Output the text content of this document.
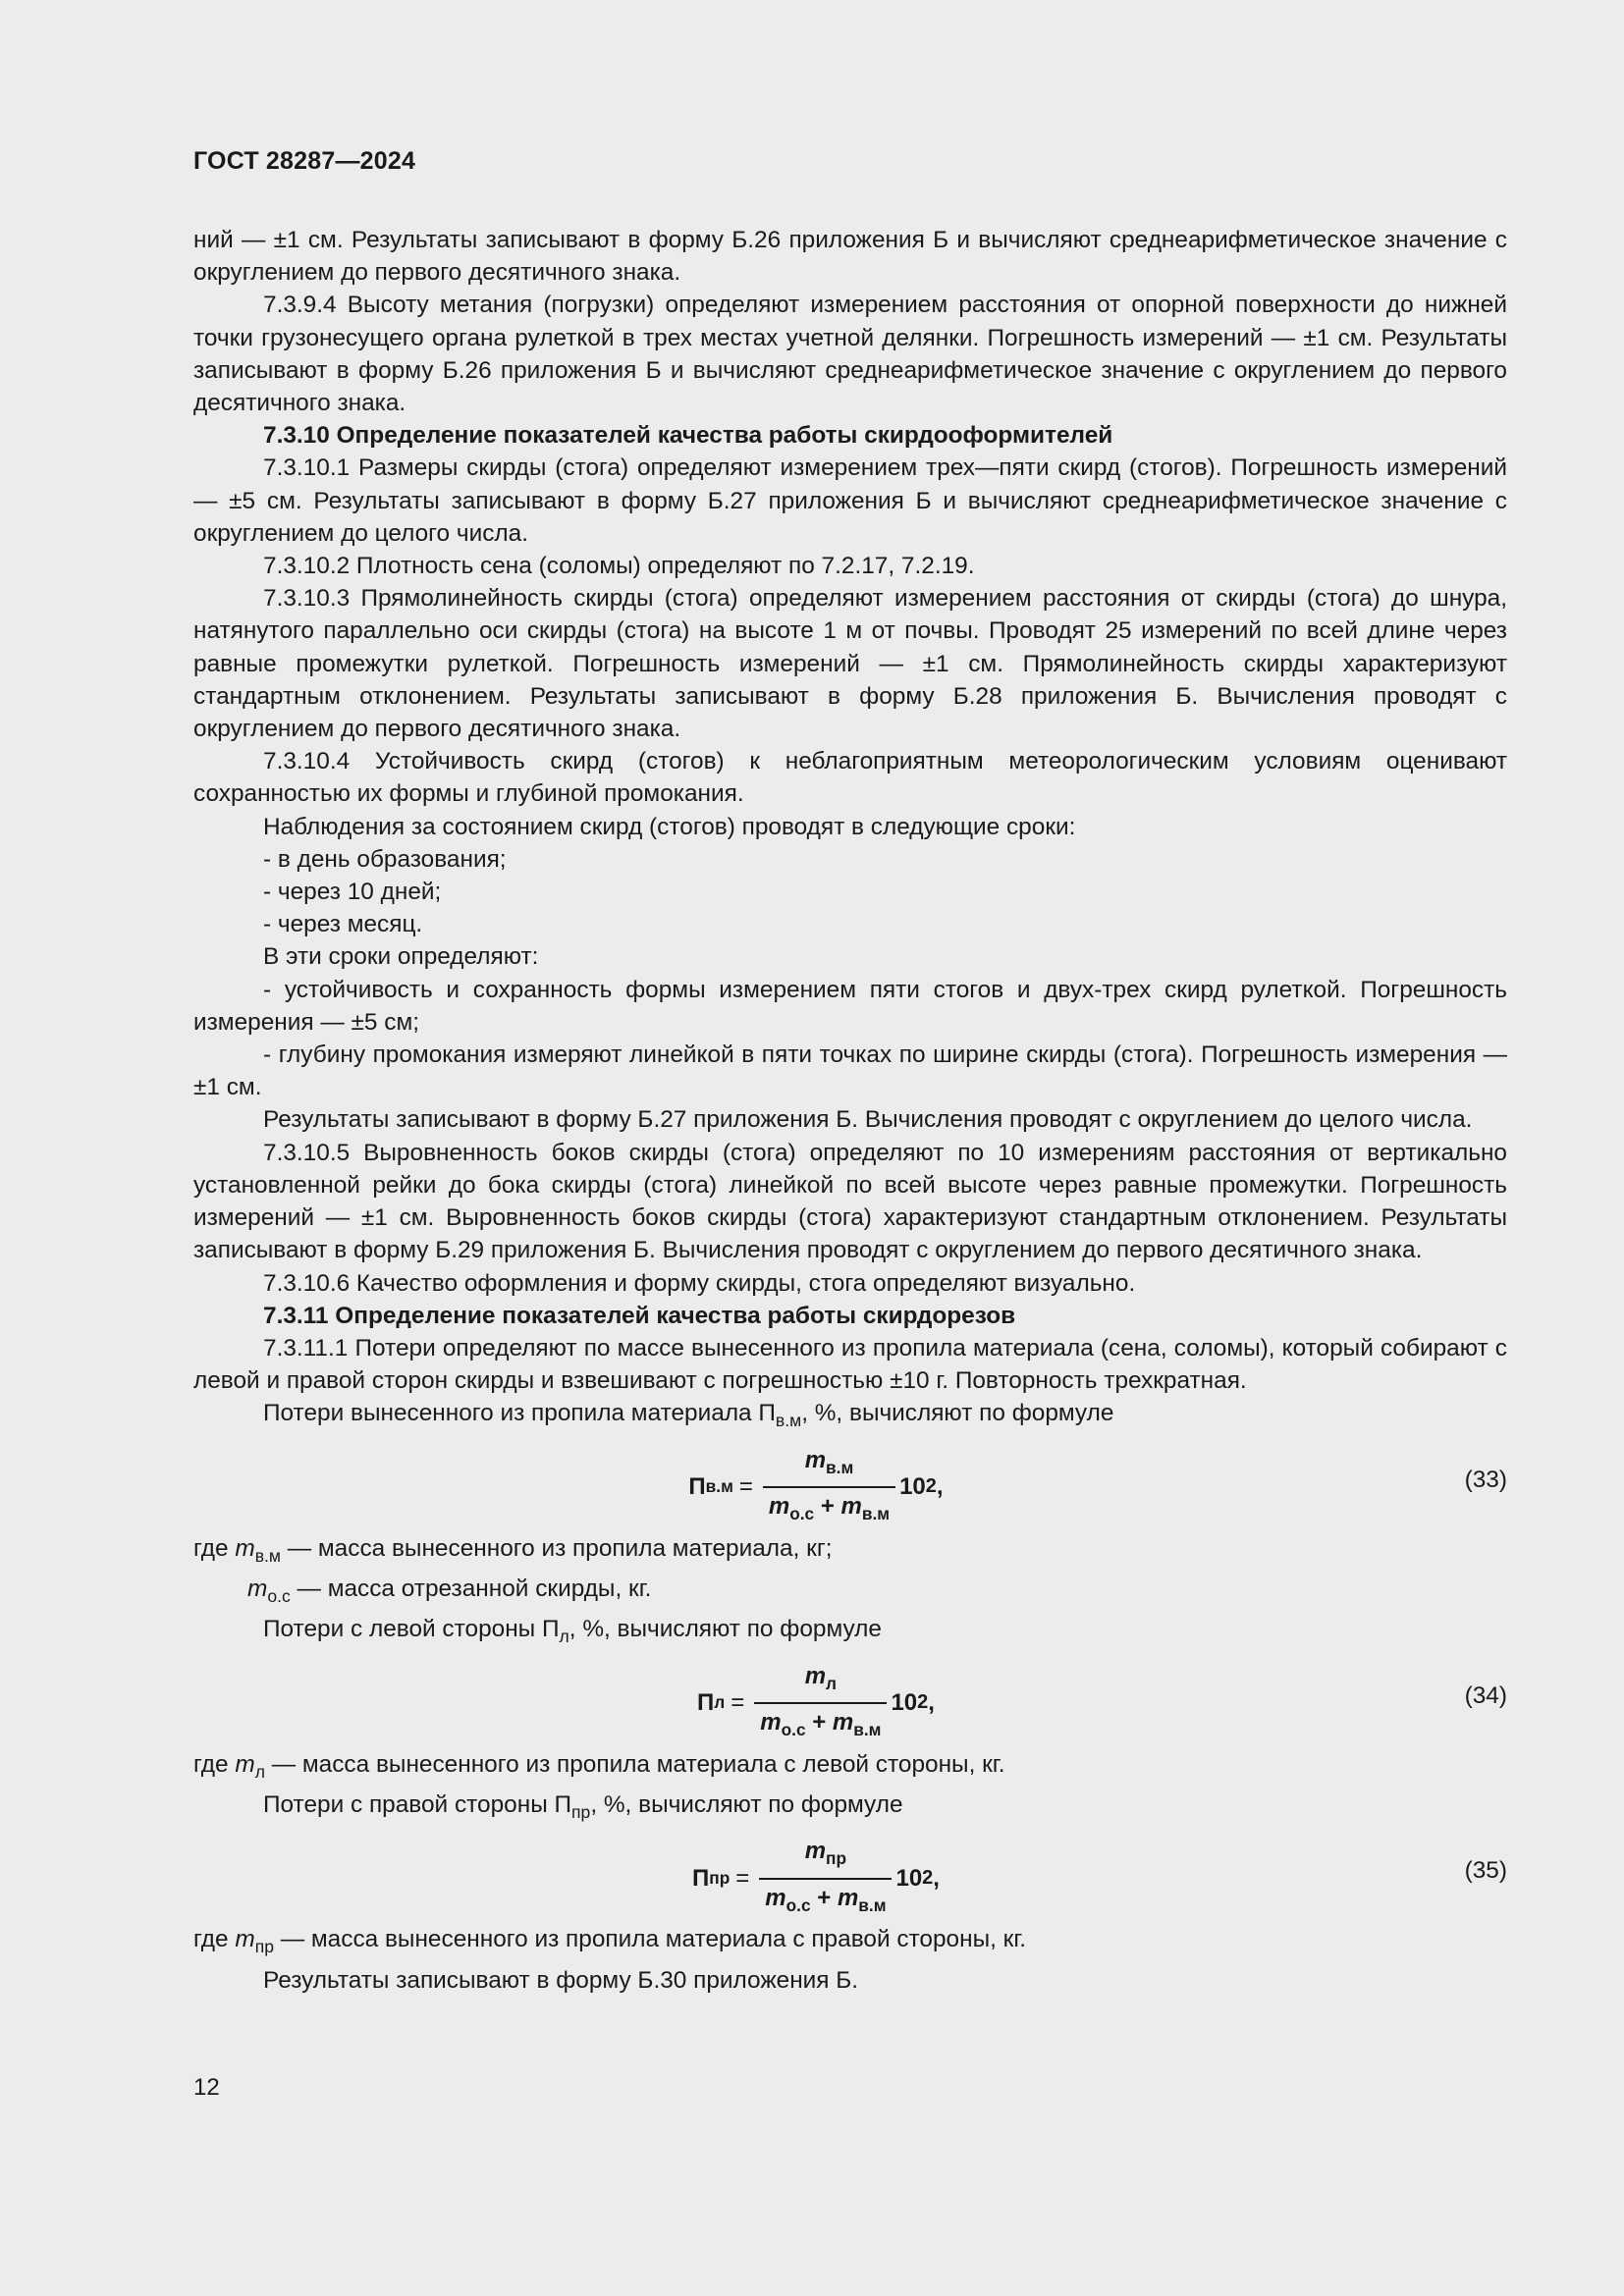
ГОСТ 28287—2024

ний — ±1 см. Результаты записывают в форму Б.26 приложения Б и вычисляют среднеарифметическое значение с округлением до первого десятичного знака.

7.3.9.4 Высоту метания (погрузки) определяют измерением расстояния от опорной поверхности до нижней точки грузонесущего органа рулеткой в трех местах учетной делянки. Погрешность измерений — ±1 см. Результаты записывают в форму Б.26 приложения Б и вычисляют среднеарифметическое значение с округлением до первого десятичного знака.

7.3.10 Определение показателей качества работы скирдооформителей

7.3.10.1 Размеры скирды (стога) определяют измерением трех—пяти скирд (стогов). Погрешность измерений — ±5 см. Результаты записывают в форму Б.27 приложения Б и вычисляют среднеарифметическое значение с округлением до целого числа.

7.3.10.2 Плотность сена (соломы) определяют по 7.2.17, 7.2.19.

7.3.10.3 Прямолинейность скирды (стога) определяют измерением расстояния от скирды (стога) до шнура, натянутого параллельно оси скирды (стога) на высоте 1 м от почвы. Проводят 25 измерений по всей длине через равные промежутки рулеткой. Погрешность измерений — ±1 см. Прямолинейность скирды характеризуют стандартным отклонением. Результаты записывают в форму Б.28 приложения Б. Вычисления проводят с округлением до первого десятичного знака.

7.3.10.4 Устойчивость скирд (стогов) к неблагоприятным метеорологическим условиям оценивают сохранностью их формы и глубиной промокания.

Наблюдения за состоянием скирд (стогов) проводят в следующие сроки:

- в день образования;

- через 10 дней;

- через месяц.

В эти сроки определяют:

- устойчивость и сохранность формы измерением пяти стогов и двух-трех скирд рулеткой. Погрешность измерения — ±5 см;

- глубину промокания измеряют линейкой в пяти точках по ширине скирды (стога). Погрешность измерения — ±1 см.

Результаты записывают в форму Б.27 приложения Б. Вычисления проводят с округлением до целого числа.

7.3.10.5 Выровненность боков скирды (стога) определяют по 10 измерениям расстояния от вертикально установленной рейки до бока скирды (стога) линейкой по всей высоте через равные промежутки. Погрешность измерений — ±1 см. Выровненность боков скирды (стога) характеризуют стандартным отклонением. Результаты записывают в форму Б.29 приложения Б. Вычисления проводят с округлением до первого десятичного знака.

7.3.10.6 Качество оформления и форму скирды, стога определяют визуально.

7.3.11 Определение показателей качества работы скирдорезов

7.3.11.1 Потери определяют по массе вынесенного из пропила материала (сена, соломы), который собирают с левой и правой сторон скирды и взвешивают с погрешностью ±10 г. Повторность трехкратная.

Потери вынесенного из пропила материала $П_{в.м}$, %, вычисляют по формуле

П $в.м = \frac{m_{в.м}}{m_{о.с} + m_{в.м}} 10$ 2 ,	(33)

где $m_{в.м}$ — масса вынесенного из пропила материала, кг;

$m_{о.с}$ — масса отрезанной скирды, кг.

Потери с левой стороны $П_л$, %, вычисляют по формуле

П $л = \frac{m_л}{m_{о.с} + m_{в.м}} 10$ 2 ,	(34)

где $m_л$ — масса вынесенного из пропила материала с левой стороны, кг.

Потери с правой стороны $П_{пр}$, %, вычисляют по формуле

П пр = $\frac{m_{пр}}{m_{о.с} + m_{в.м}} 10$ 2 ,	(35)

где $m_{пр}$ — масса вынесенного из пропила материала с правой стороны, кг.

Результаты записывают в форму Б.30 приложения Б.

12
